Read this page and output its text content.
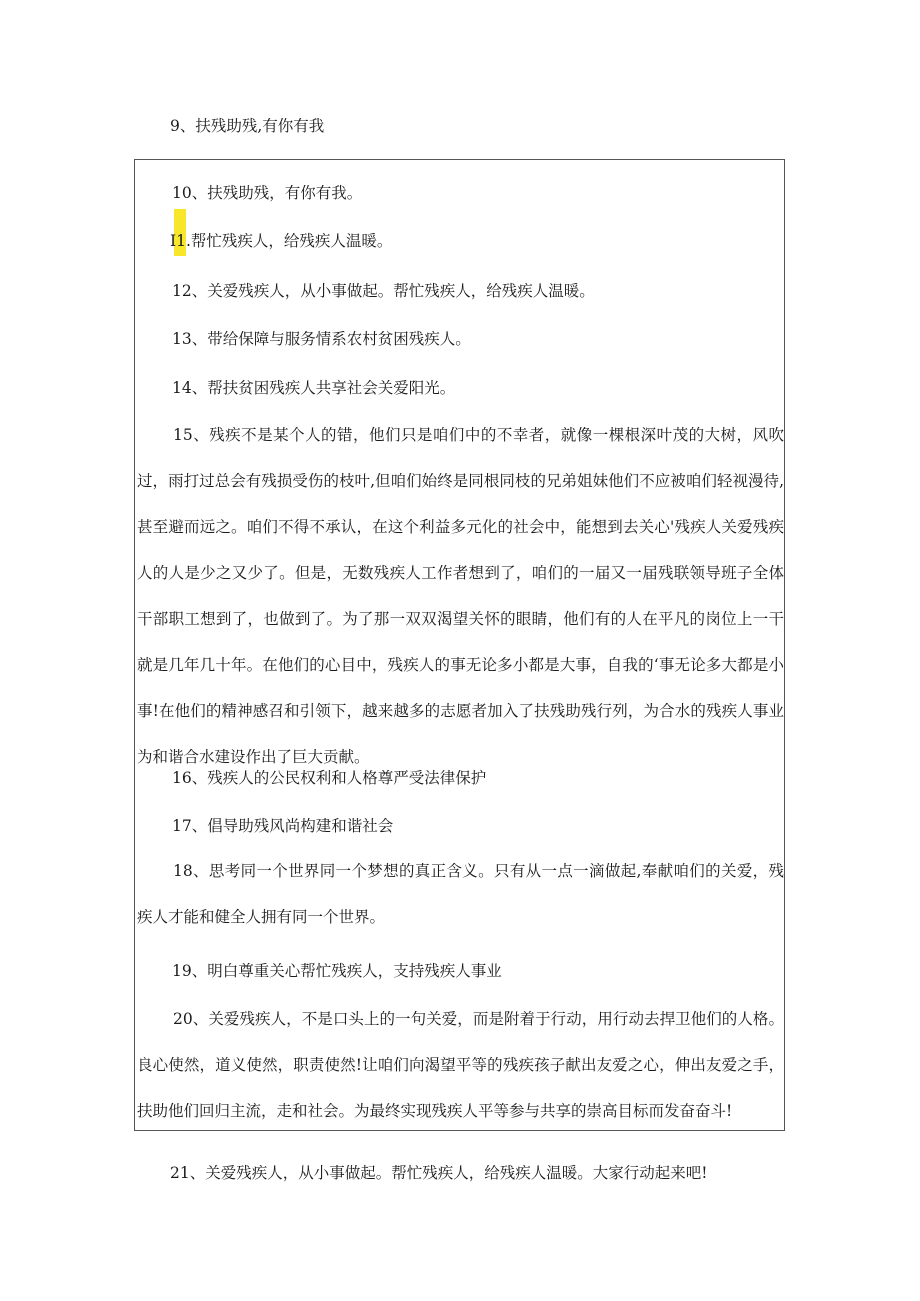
9、扶残助残,有你有我
10、扶残助残，有你有我。
I1.帮忙残疾人，给残疾人温暖。
12、关爱残疾人，从小事做起。帮忙残疾人，给残疾人温暖。
13、带给保障与服务情系农村贫困残疾人。
14、帮扶贫困残疾人共享社会关爱阳光。

15、残疾不是某个人的错，他们只是咱们中的不幸者，就像一棵根深叶茂的大树，风吹过，雨打过总会有残损受伤的枝叶,但咱们始终是同根同枝的兄弟姐妹他们不应被咱们轻视漫待,甚至避而远之。咱们不得不承认，在这个利益多元化的社会中，能想到去关心'残疾人关爱残疾人的人是少之又少了。但是，无数残疾人工作者想到了，咱们的一届又一届残联领导班子全体干部职工想到了，也做到了。为了那一双双渴望关怀的眼睛，他们有的人在平凡的岗位上一干就是几年几十年。在他们的心目中，残疾人的事无论多小都是大事，自我的‘事无论多大都是小事!在他们的精神感召和引领下，越来越多的志愿者加入了扶残助残行列，为合水的残疾人事业为和谐合水建设作出了巨大贡献。

16、残疾人的公民权利和人格尊严受法律保护
17、倡导助残风尚构建和谐社会

18、思考同一个世界同一个梦想的真正含义。只有从一点一滴做起,奉献咱们的关爱，残疾人才能和健全人拥有同一个世界。

19、明白尊重关心帮忙残疾人，支持残疾人事业

20、关爱残疾人，不是口头上的一句关爱，而是附着于行动，用行动去捍卫他们的人格。良心使然，道义使然，职责使然!让咱们向渴望平等的残疾孩子献出友爱之心，伸出友爱之手，扶助他们回归主流，走和社会。为最终实现残疾人平等参与共享的崇高目标而发奋奋斗!

21、关爱残疾人，从小事做起。帮忙残疾人，给残疾人温暖。大家行动起来吧!
